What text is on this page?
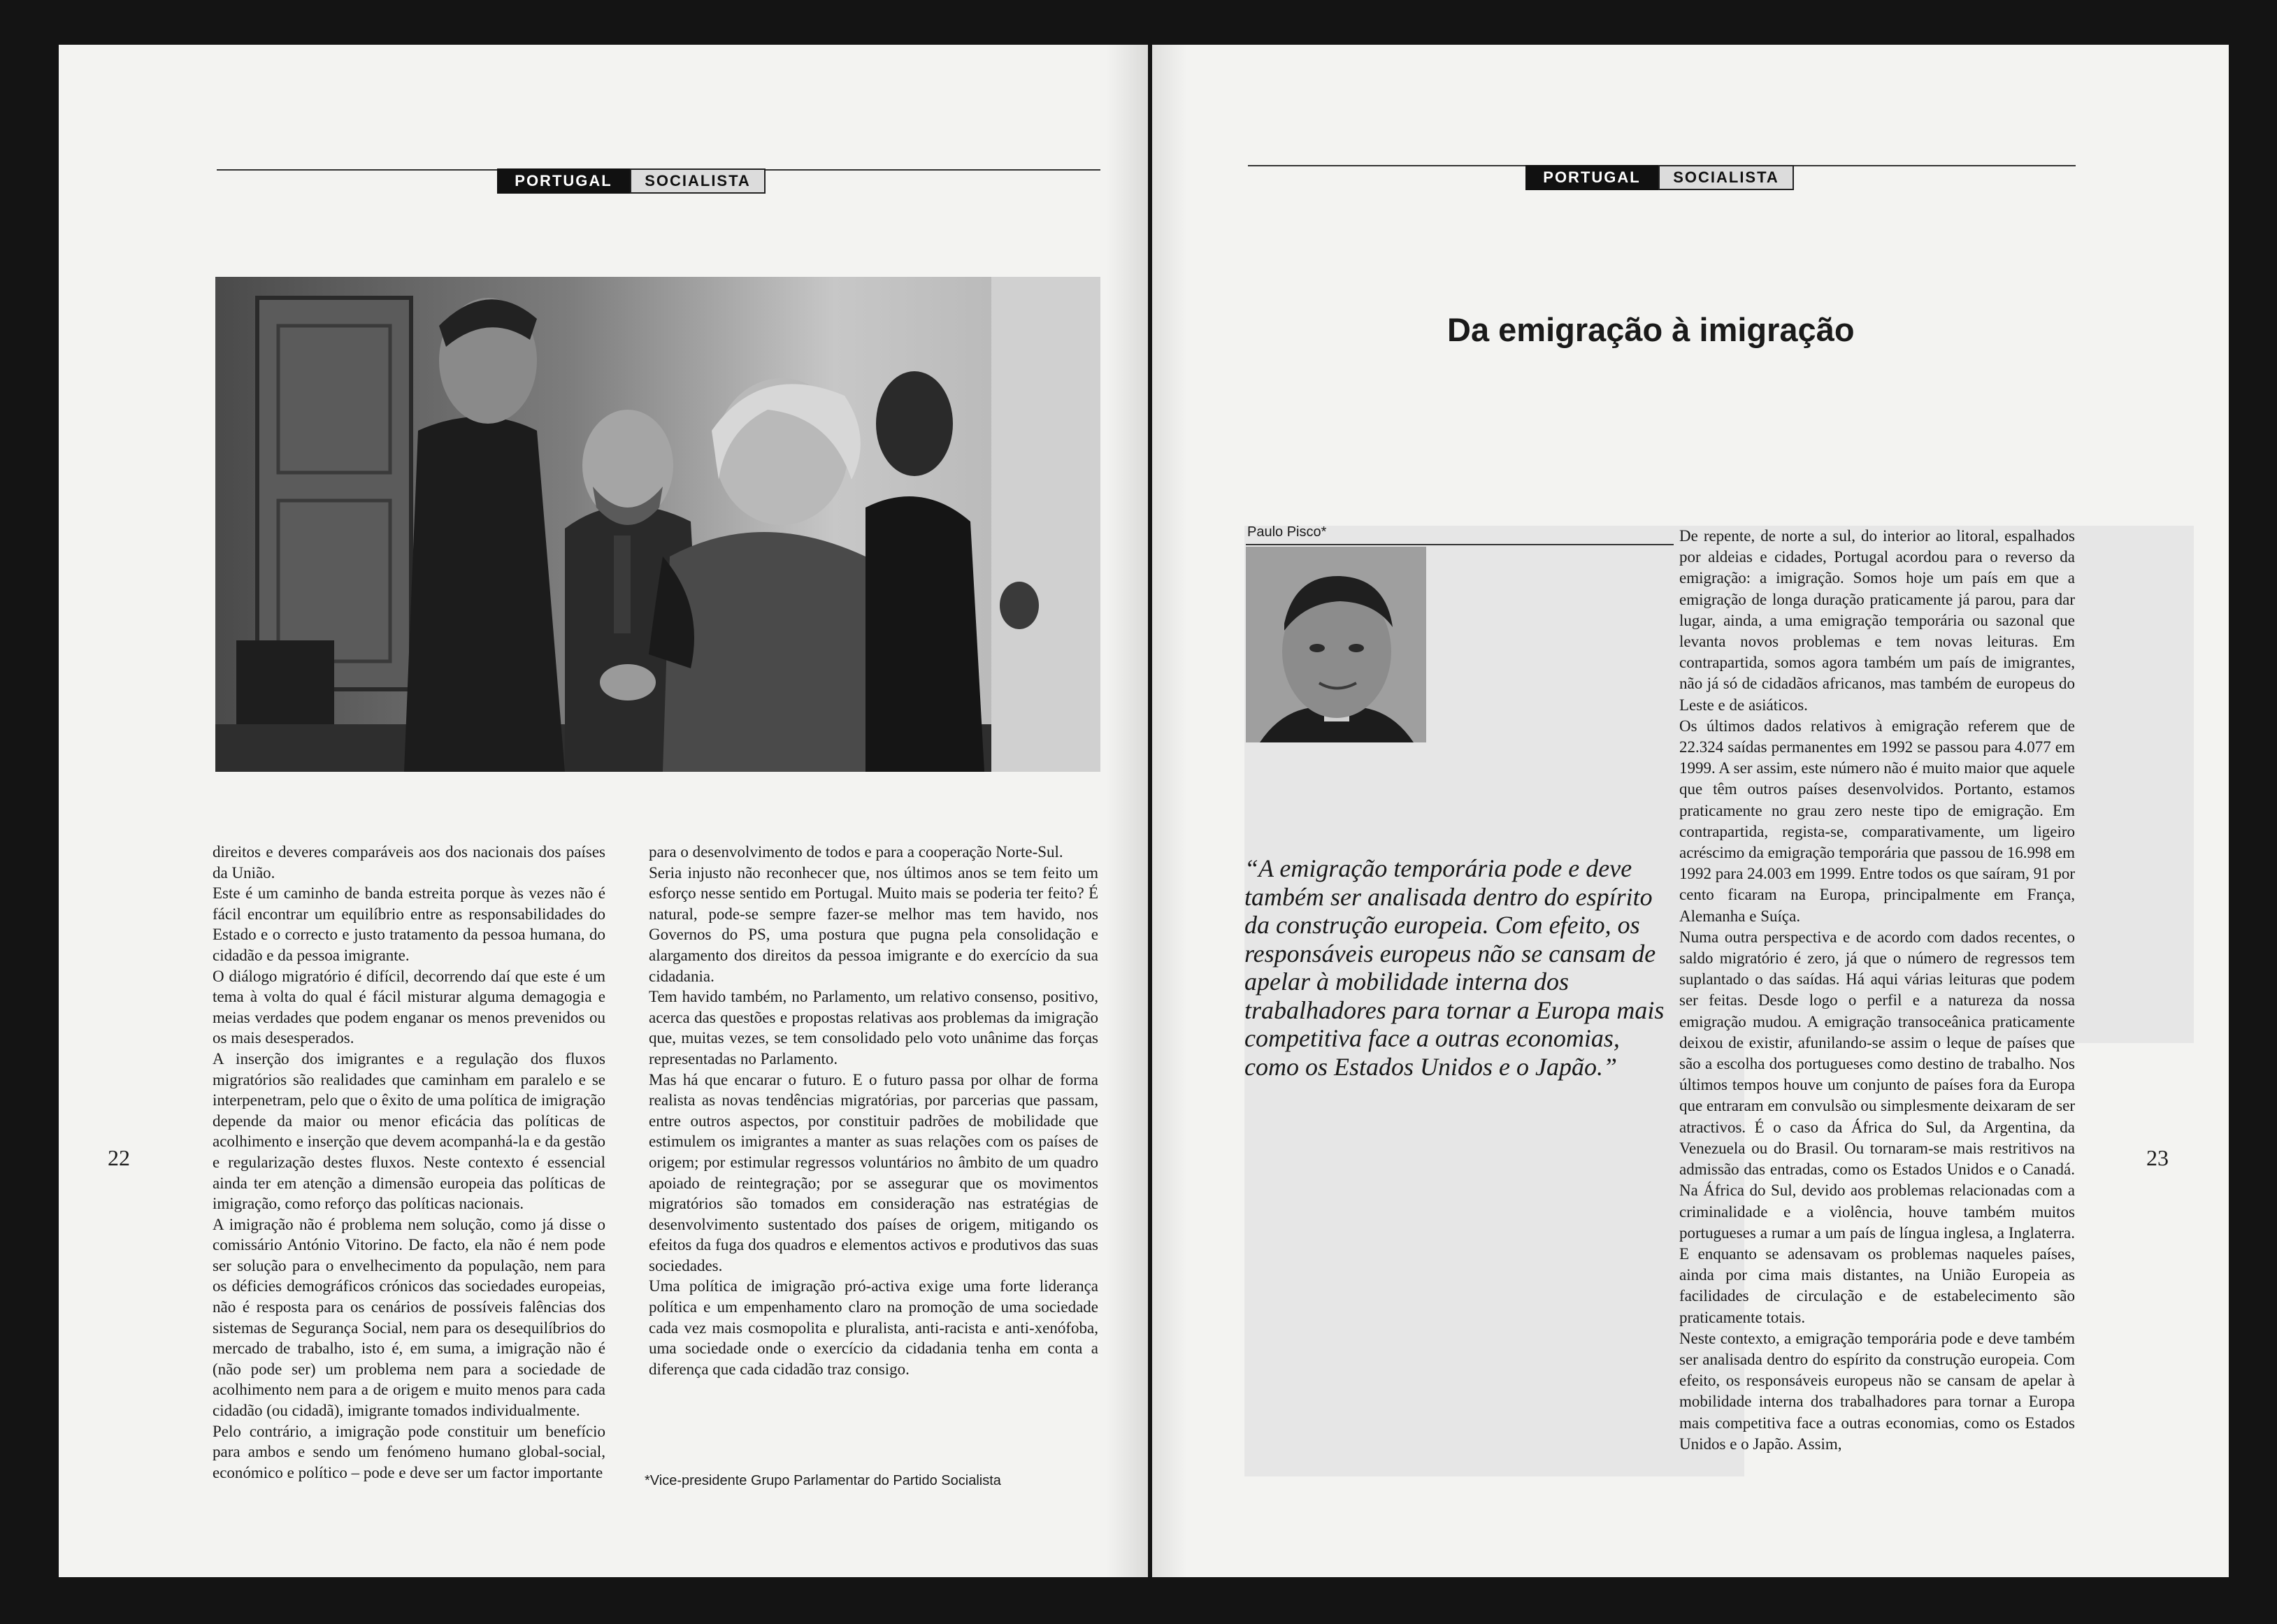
PORTUGAL	SOCIALISTA

direitos e deveres comparáveis aos dos nacionais dos países da União.

Este é um caminho de banda estreita porque às vezes não é fácil encontrar um equilíbrio entre as responsabilidades do Estado e o correcto e justo tratamento da pessoa humana, do cidadão e da pessoa imigrante.

O diálogo migratório é difícil, decorrendo daí que este é um tema à volta do qual é fácil misturar alguma demagogia e meias verdades que podem enganar os menos prevenidos ou os mais desesperados.

A inserção dos imigrantes e a regulação dos fluxos migratórios são realidades que caminham em paralelo e se interpenetram, pelo que o êxito de uma política de imigração depende da maior ou menor eficácia das políticas de acolhimento e inserção que devem acompanhá-la e da gestão e regularização destes fluxos. Neste contexto é essencial ainda ter em atenção a dimensão europeia das políticas de imigração, como reforço das políticas nacionais.

A imigração não é problema nem solução, como já disse o comissário António Vitorino. De facto, ela não é nem pode ser solução para o envelhecimento da população, nem para os déficies demográficos crónicos das sociedades europeias, não é resposta para os cenários de possíveis falências dos sistemas de Segurança Social, nem para os desequilíbrios do mercado de trabalho, isto é, em suma, a imigração não é (não pode ser) um problema nem para a sociedade de acolhimento nem para a de origem e muito menos para cada cidadão (ou cidadã), imigrante tomados individualmente.

Pelo contrário, a imigração pode constituir um benefício para ambos e sendo um fenómeno humano global-social, económico e político – pode e deve ser um factor importante

para o desenvolvimento de todos e para a cooperação Norte-Sul.

Seria injusto não reconhecer que, nos últimos anos se tem feito um esforço nesse sentido em Portugal. Muito mais se poderia ter feito? É natural, pode-se sempre fazer-se melhor mas tem havido, nos Governos do PS, uma postura que pugna pela consolidação e alargamento dos direitos da pessoa imigrante e do exercício da sua cidadania.

Tem havido também, no Parlamento, um relativo consenso, positivo, acerca das questões e propostas relativas aos problemas da imigração que, muitas vezes, se tem consolidado pelo voto unânime das forças representadas no Parlamento.

Mas há que encarar o futuro. E o futuro passa por olhar de forma realista as novas tendências migratórias, por parcerias que passam, entre outros aspectos, por constituir padrões de mobilidade que estimulem os imigrantes a manter as suas relações com os países de origem; por estimular regressos voluntários no âmbito de um quadro apoiado de reintegração; por se assegurar que os movimentos migratórios são tomados em consideração nas estratégias de desenvolvimento sustentado dos países de origem, mitigando os efeitos da fuga dos quadros e elementos activos e produtivos das suas sociedades.

Uma política de imigração pró-activa exige uma forte liderança política e um empenhamento claro na promoção de uma sociedade cada vez mais cosmopolita e pluralista, anti-racista e anti-xenófoba, uma sociedade onde o exercício da cidadania tenha em conta a diferença que cada cidadão traz consigo.

*Vice-presidente Grupo Parlamentar do Partido Socialista
22
PORTUGAL	SOCIALISTA
Da emigração à imigração
Paulo Pisco*
“A emigração temporária pode e deve também ser analisada dentro do espírito da construção europeia. Com efeito, os responsáveis europeus não se cansam de apelar à mobilidade interna dos trabalhadores para tornar a Europa mais competitiva face a outras economias, como os Estados Unidos e o Japão.”

De repente, de norte a sul, do interior ao litoral, espalhados por aldeias e cidades, Portugal acordou para o reverso da emigração: a imigração. Somos hoje um país em que a emigração de longa duração praticamente já parou, para dar lugar, ainda, a uma emigração temporária ou sazonal que levanta novos problemas e tem novas leituras. Em contrapartida, somos agora também um país de imigrantes, não já só de cidadãos africanos, mas também de europeus do Leste e de asiáticos.

Os últimos dados relativos à emigração referem que de 22.324 saídas permanentes em 1992 se passou para 4.077 em 1999. A ser assim, este número não é muito maior que aquele que têm outros países desenvolvidos. Portanto, estamos praticamente no grau zero neste tipo de emigração. Em contrapartida, regista-se, comparativamente, um ligeiro acréscimo da emigração temporária que passou de 16.998 em 1992 para 24.003 em 1999. Entre todos os que saíram, 91 por cento ficaram na Europa, principalmente em França, Alemanha e Suíça.

Numa outra perspectiva e de acordo com dados recentes, o saldo migratório é zero, já que o número de regressos tem suplantado o das saídas. Há aqui várias leituras que podem ser feitas. Desde logo o perfil e a natureza da nossa emigração mudou. A emigração transoceânica praticamente deixou de existir, afunilando-se assim o leque de países que são a escolha dos portugueses como destino de trabalho. Nos últimos tempos houve um conjunto de países fora da Europa que entraram em convulsão ou simplesmente deixaram de ser atractivos. É o caso da África do Sul, da Argentina, da Venezuela ou do Brasil. Ou tornaram-se mais restritivos na admissão das entradas, como os Estados Unidos e o Canadá. Na África do Sul, devido aos problemas relacionadas com a criminalidade e a violência, houve também muitos portugueses a rumar a um país de língua inglesa, a Inglaterra. E enquanto se adensavam os problemas naqueles países, ainda por cima mais distantes, na União Europeia as facilidades de circulação e de estabelecimento são praticamente totais.

Neste contexto, a emigração temporária pode e deve também ser analisada dentro do espírito da construção europeia. Com efeito, os responsáveis europeus não se cansam de apelar à mobilidade interna dos trabalhadores para tornar a Europa mais competitiva face a outras economias, como os Estados Unidos e o Japão. Assim,

23
